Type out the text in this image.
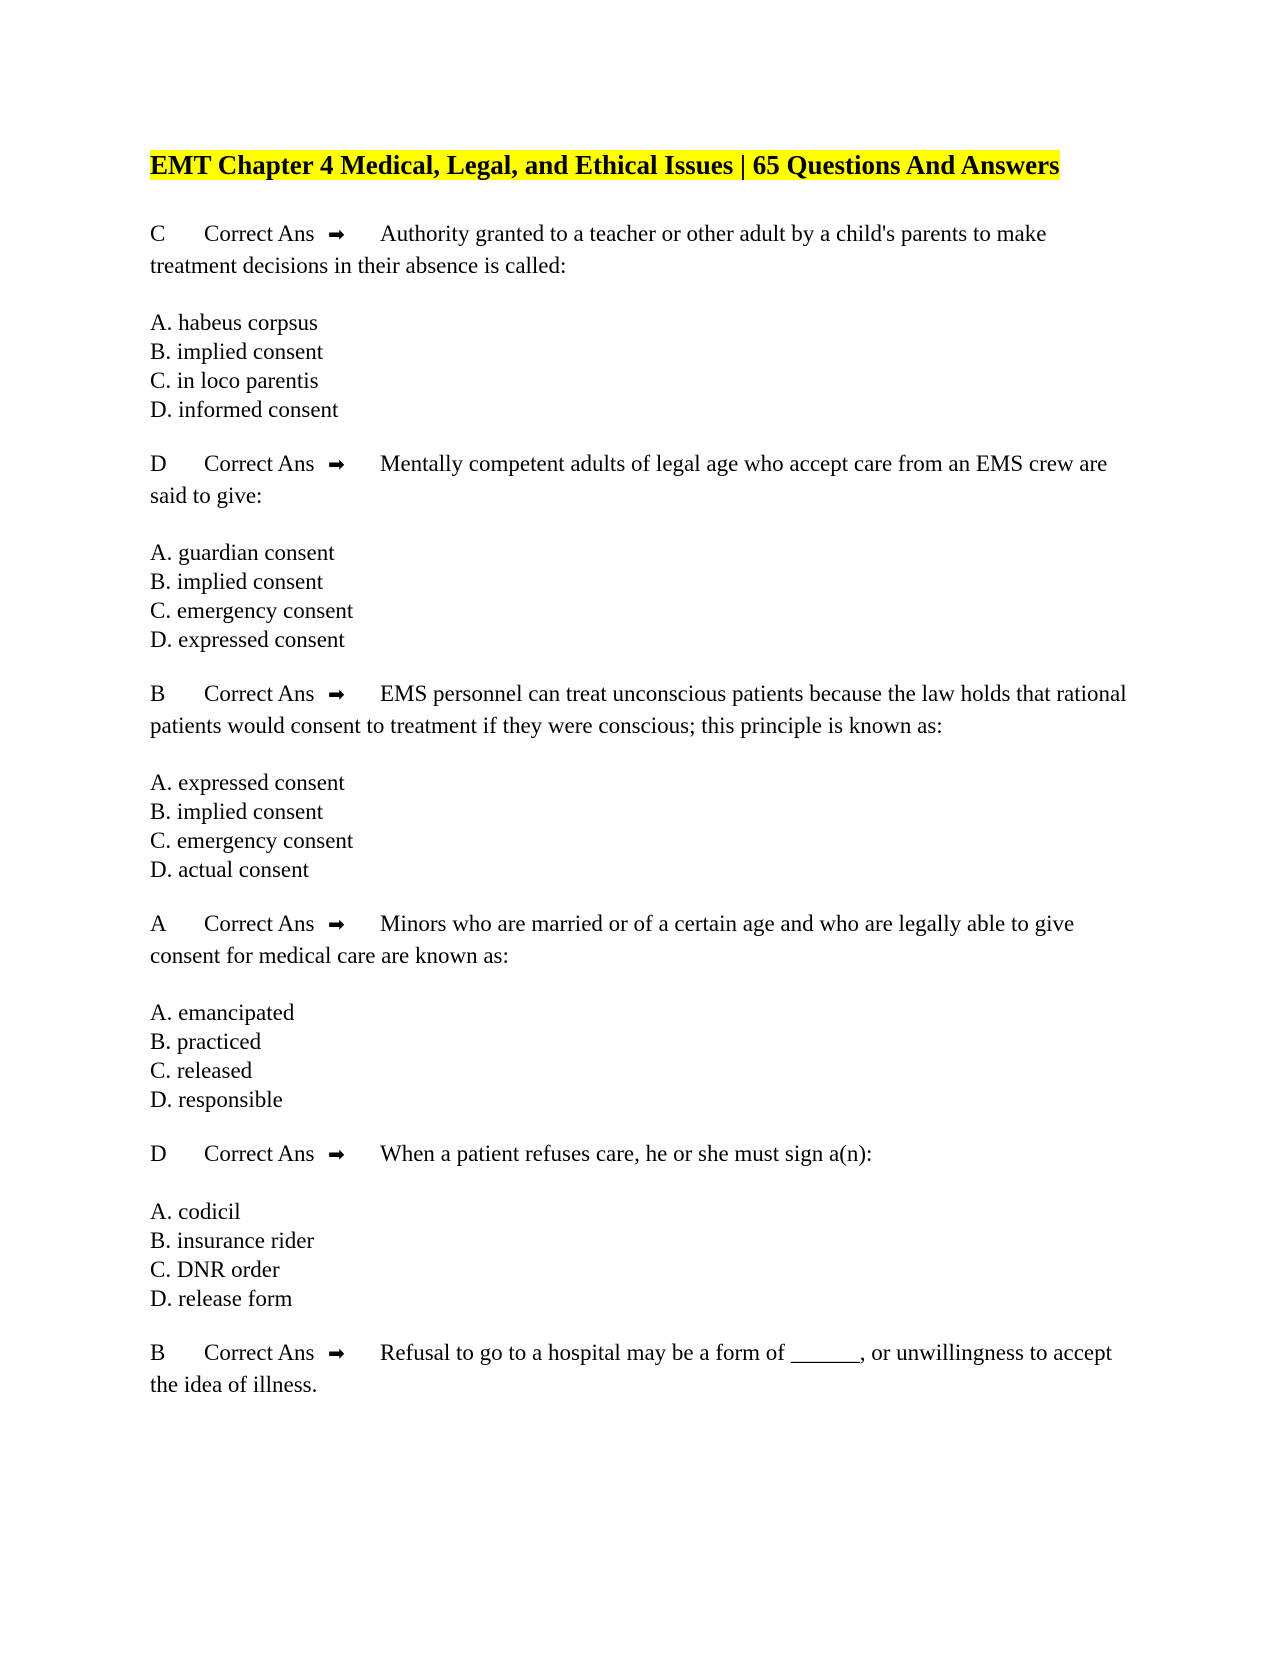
EMT Chapter 4 Medical, Legal, and Ethical Issues | 65 Questions And Answers

C Correct Ans ➡ Authority granted to a teacher or other adult by a child's parents to make treatment decisions in their absence is called:

A. habeus corpsus
B. implied consent
C. in loco parentis
D. informed consent

D Correct Ans ➡ Mentally competent adults of legal age who accept care from an EMS crew are said to give:

A. guardian consent
B. implied consent
C. emergency consent
D. expressed consent

B Correct Ans ➡ EMS personnel can treat unconscious patients because the law holds that rational patients would consent to treatment if they were conscious; this principle is known as:

A. expressed consent
B. implied consent
C. emergency consent
D. actual consent

A Correct Ans ➡ Minors who are married or of a certain age and who are legally able to give consent for medical care are known as:

A. emancipated
B. practiced
C. released
D. responsible

D Correct Ans ➡ When a patient refuses care, he or she must sign a(n):

A. codicil
B. insurance rider
C. DNR order
D. release form

B Correct Ans ➡ Refusal to go to a hospital may be a form of ______, or unwillingness to accept the idea of illness.
